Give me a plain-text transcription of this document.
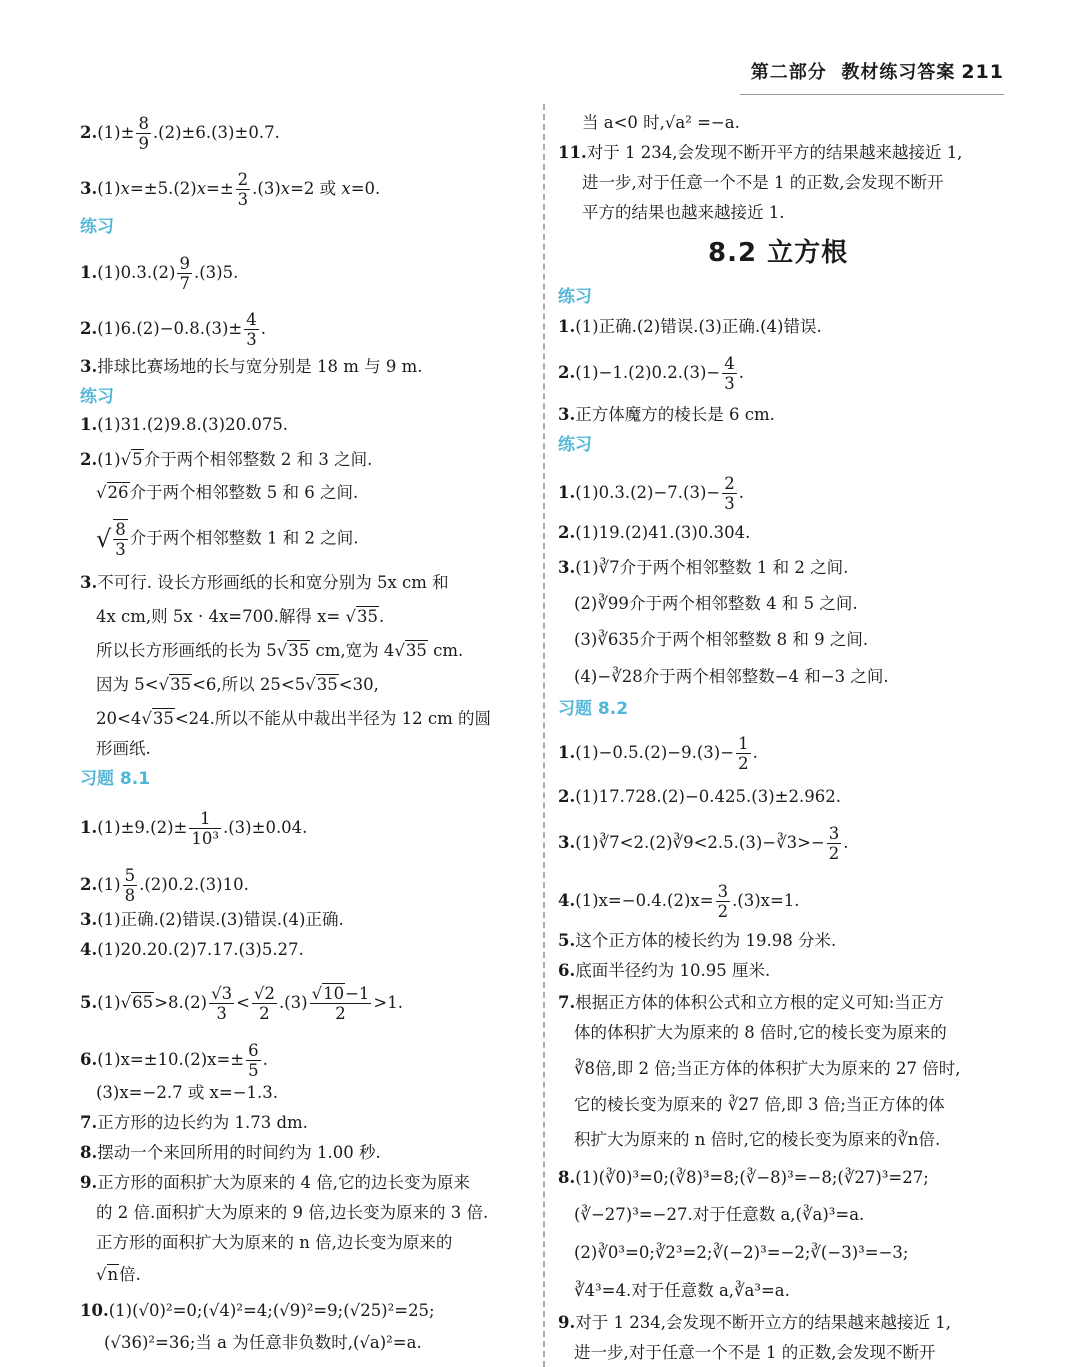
第二部分 教材练习答案 211
$2.(1)\pm \frac{8}{9} .(2)\pm 6.(3)\pm 0.7$.
$3.(1)x=\pm 5.(2)x=\pm \frac{2}{3} .(3)x=2$ 或 x=0.
练习
$1.(1)0.3.(2) \frac{9}{7} .(3)5$.
$2.(1)6.(2)-0.8.(3)\pm \frac{4}{3}$ .
3.排球比赛场地的长与宽分别是 18 m 与 9 m.
练习
1.(1)31.(2)9.8.(3)20.075.
2.(1)√5介于两个相邻整数 2 和 3 之间.
√26介于两个相邻整数 5 和 6 之间.
√ $\frac{8}{3}$ 介于两个相邻整数 1 和 2 之间.
3.不可行. 设长方形画纸的长和宽分别为 5x cm 和
4x cm,则 5x · 4x=700.解得 x= √35.
所以长方形画纸的长为 5√35 cm,宽为 4√35 cm.
因为 5<√35<6,所以 25<5√35<30,
20<4√35<24.所以不能从中裁出半径为 12 cm 的圆
形画纸.
习题 8.1
$1.(1)\pm 9.(2)\pm \frac{1}{\text{10³}} .(3)\pm 0.04$.
$2.(1) \frac{5}{8} .(2)0.2.(3)10$.
3.(1)正确.(2)错误.(3)错误.(4)正确.
4.(1)20.20.(2)7.17.(3)5.27.
$5.(1)√65>8.(2) \frac{√3}{3} < \frac{√2}{2} .(3) \frac{√10-1}{2} >1$.
$6.(1)x=\pm 10.(2)x=\pm \frac{6}{5}$ .
(3)x=−2.7 或 x=−1.3.
7.正方形的边长约为 1.73 dm.
8.摆动一个来回所用的时间约为 1.00 秒.
9.正方形的面积扩大为原来的 4 倍,它的边长变为原来
的 2 倍.面积扩大为原来的 9 倍,边长变为原来的 3 倍.
正方形的面积扩大为原来的 n 倍,边长变为原来的
√n倍.
10.(1)(√0)²=0;(√4)²=4;(√9)²=9;(√25)²=25;
(√36)²=36;当 a 为任意非负数时,(√a)²=a.
当 a<0 时,√a² =−a.
11.对于 1 234,会发现不断开平方的结果越来越接近 1,
进一步,对于任意一个不是 1 的正数,会发现不断开
平方的结果也越来越接近 1.
8.2 立方根
练习
1.(1)正确.(2)错误.(3)正确.(4)错误.
$2.(1)-1.(2)0.2.(3)- \frac{4}{3}$ .
3.正方体魔方的棱长是 6 cm.
练习
$1.(1)0.3.(2)-7.(3)- \frac{2}{3}$ .
2.(1)19.(2)41.(3)0.304.
3.(1)∛7介于两个相邻整数 1 和 2 之间.
(2)∛99介于两个相邻整数 4 和 5 之间.
(3)∛635介于两个相邻整数 8 和 9 之间.
(4)−∛28介于两个相邻整数−4 和−3 之间.
习题 8.2
$1.(1)-0.5.(2)-9.(3)- \frac{1}{2}$ .
2.(1)17.728.(2)−0.425.(3)±2.962.
3.(1)∛7<2.(2)∛9<2.5.(3)−∛3>− $\frac{3}{2}$ .
$4.(1)x=-0.4.(2)x= \frac{3}{2} .(3)x=1$.
5.这个正方体的棱长约为 19.98 分米.
6.底面半径约为 10.95 厘米.
7.根据正方体的体积公式和立方根的定义可知:当正方
体的体积扩大为原来的 8 倍时,它的棱长变为原来的
∛8倍,即 2 倍;当正方体的体积扩大为原来的 27 倍时,
它的棱长变为原来的 ∛27 倍,即 3 倍;当正方体的体
积扩大为原来的 n 倍时,它的棱长变为原来的∛n倍.
8.(1)(∛0)³=0;(∛8)³=8;(∛−8)³=−8;(∛27)³=27;
(∛−27)³=−27.对于任意数 a,(∛a)³=a.
(2)∛0³=0;∛2³=2;∛(−2)³=−2;∛(−3)³=−3;
∛4³=4.对于任意数 a,∛a³=a.
9.对于 1 234,会发现不断开立方的结果越来越接近 1,
进一步,对于任意一个不是 1 的正数,会发现不断开
